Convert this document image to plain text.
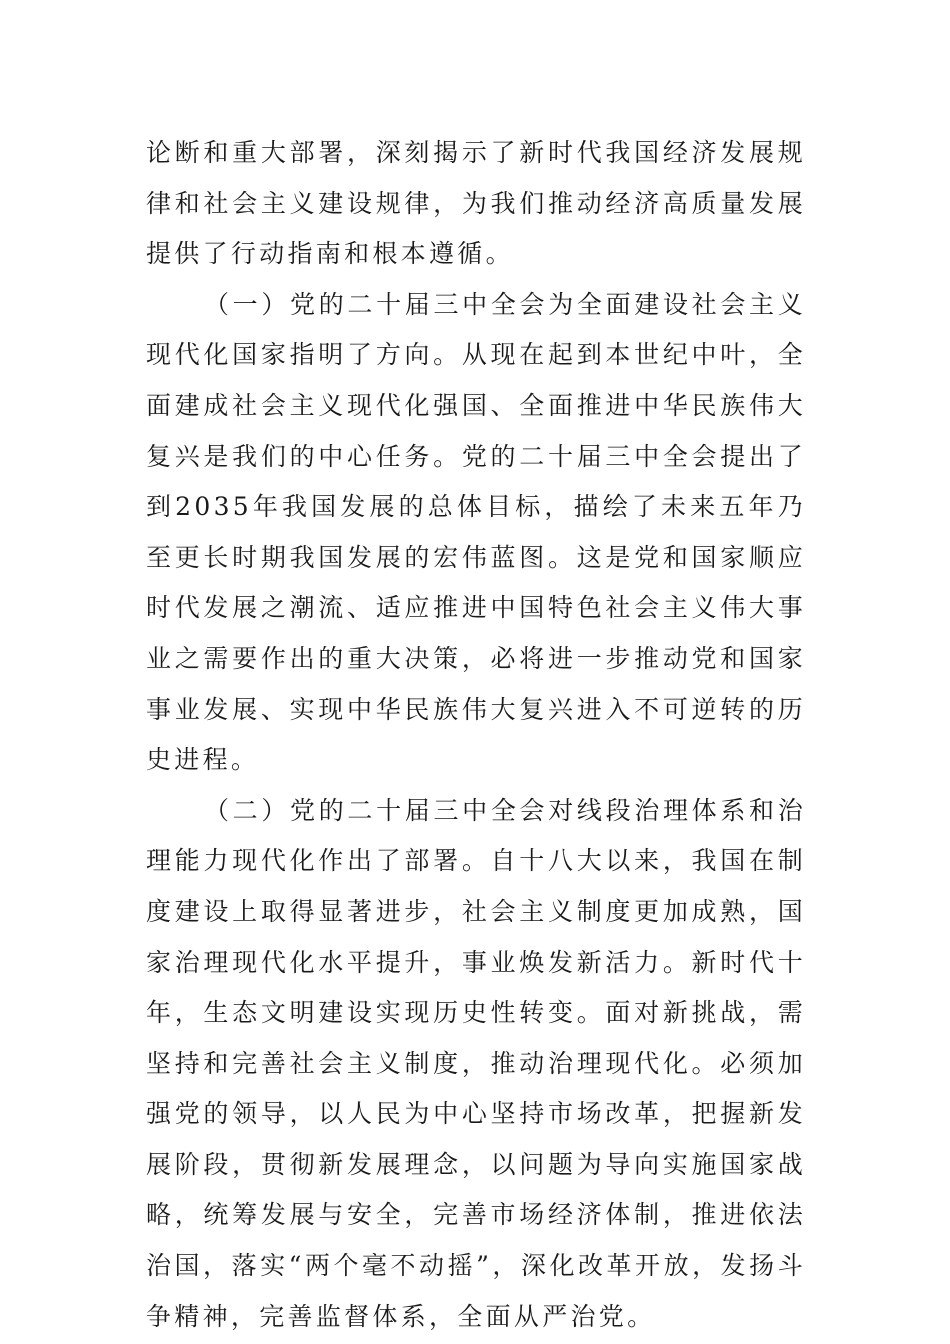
论断和重大部署，深刻揭示了新时代我国经济发展规律和社会主义建设规律，为我们推动经济高质量发展提供了行动指南和根本遵循。

（一）党的二十届三中全会为全面建设社会主义现代化国家指明了方向。从现在起到本世纪中叶，全面建成社会主义现代化强国、全面推进中华民族伟大复兴是我们的中心任务。党的二十届三中全会提出了到2035年我国发展的总体目标，描绘了未来五年乃至更长时期我国发展的宏伟蓝图。这是党和国家顺应时代发展之潮流、适应推进中国特色社会主义伟大事业之需要作出的重大决策，必将进一步推动党和国家事业发展、实现中华民族伟大复兴进入不可逆转的历史进程。

（二）党的二十届三中全会对线段治理体系和治理能力现代化作出了部署。自十八大以来，我国在制度建设上取得显著进步，社会主义制度更加成熟，国家治理现代化水平提升，事业焕发新活力。新时代十年，生态文明建设实现历史性转变。面对新挑战，需坚持和完善社会主义制度，推动治理现代化。必须加强党的领导，以人民为中心坚持市场改革，把握新发展阶段，贯彻新发展理念，以问题为导向实施国家战略，统筹发展与安全，完善市场经济体制，推进依法治国，落实“两个毫不动摇”，深化改革开放，发扬斗争精神，完善监督体系，全面从严治党。
